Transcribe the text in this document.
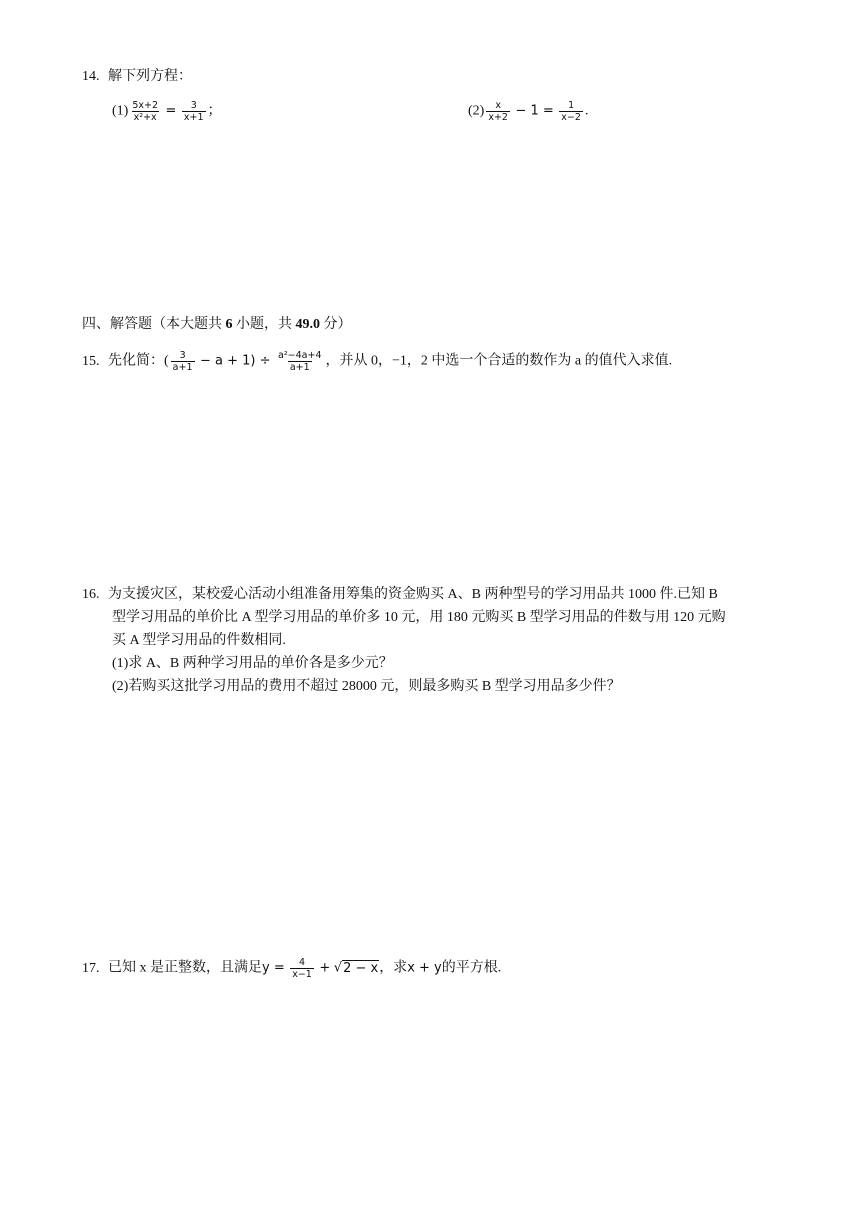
14. 解下列方程：
$(1) \frac{5x+2}{\text{x²+x}} = \frac{3}{x+1}$ ；	$(2) \frac{x}{x+2} - 1 = \frac{1}{x-2}$ .
四、解答题（本大题共 6 小题，共 49.0 分）
15. 先化简：( $\frac{3}{a+1} - a + 1) \div \frac{\text{a²−4a+4}}{a+1}$ ，并从 0，−1，2 中选一个合适的数作为 a 的值代入求值.
16. 为支援灾区，某校爱心活动小组准备用筹集的资金购买 A、B 两种型号的学习用品共 1000 件.已知 B
型学习用品的单价比 A 型学习用品的单价多 10 元，用 180 元购买 B 型学习用品的件数与用 120 元购
买 A 型学习用品的件数相同.
(1)求 A、B 两种学习用品的单价各是多少元？
(2)若购买这批学习用品的费用不超过 28000 元，则最多购买 B 型学习用品多少件？
17. 已知 x 是正整数，且满足$y = \frac{4}{x-1} + √2 - x$，求x + y的平方根.
